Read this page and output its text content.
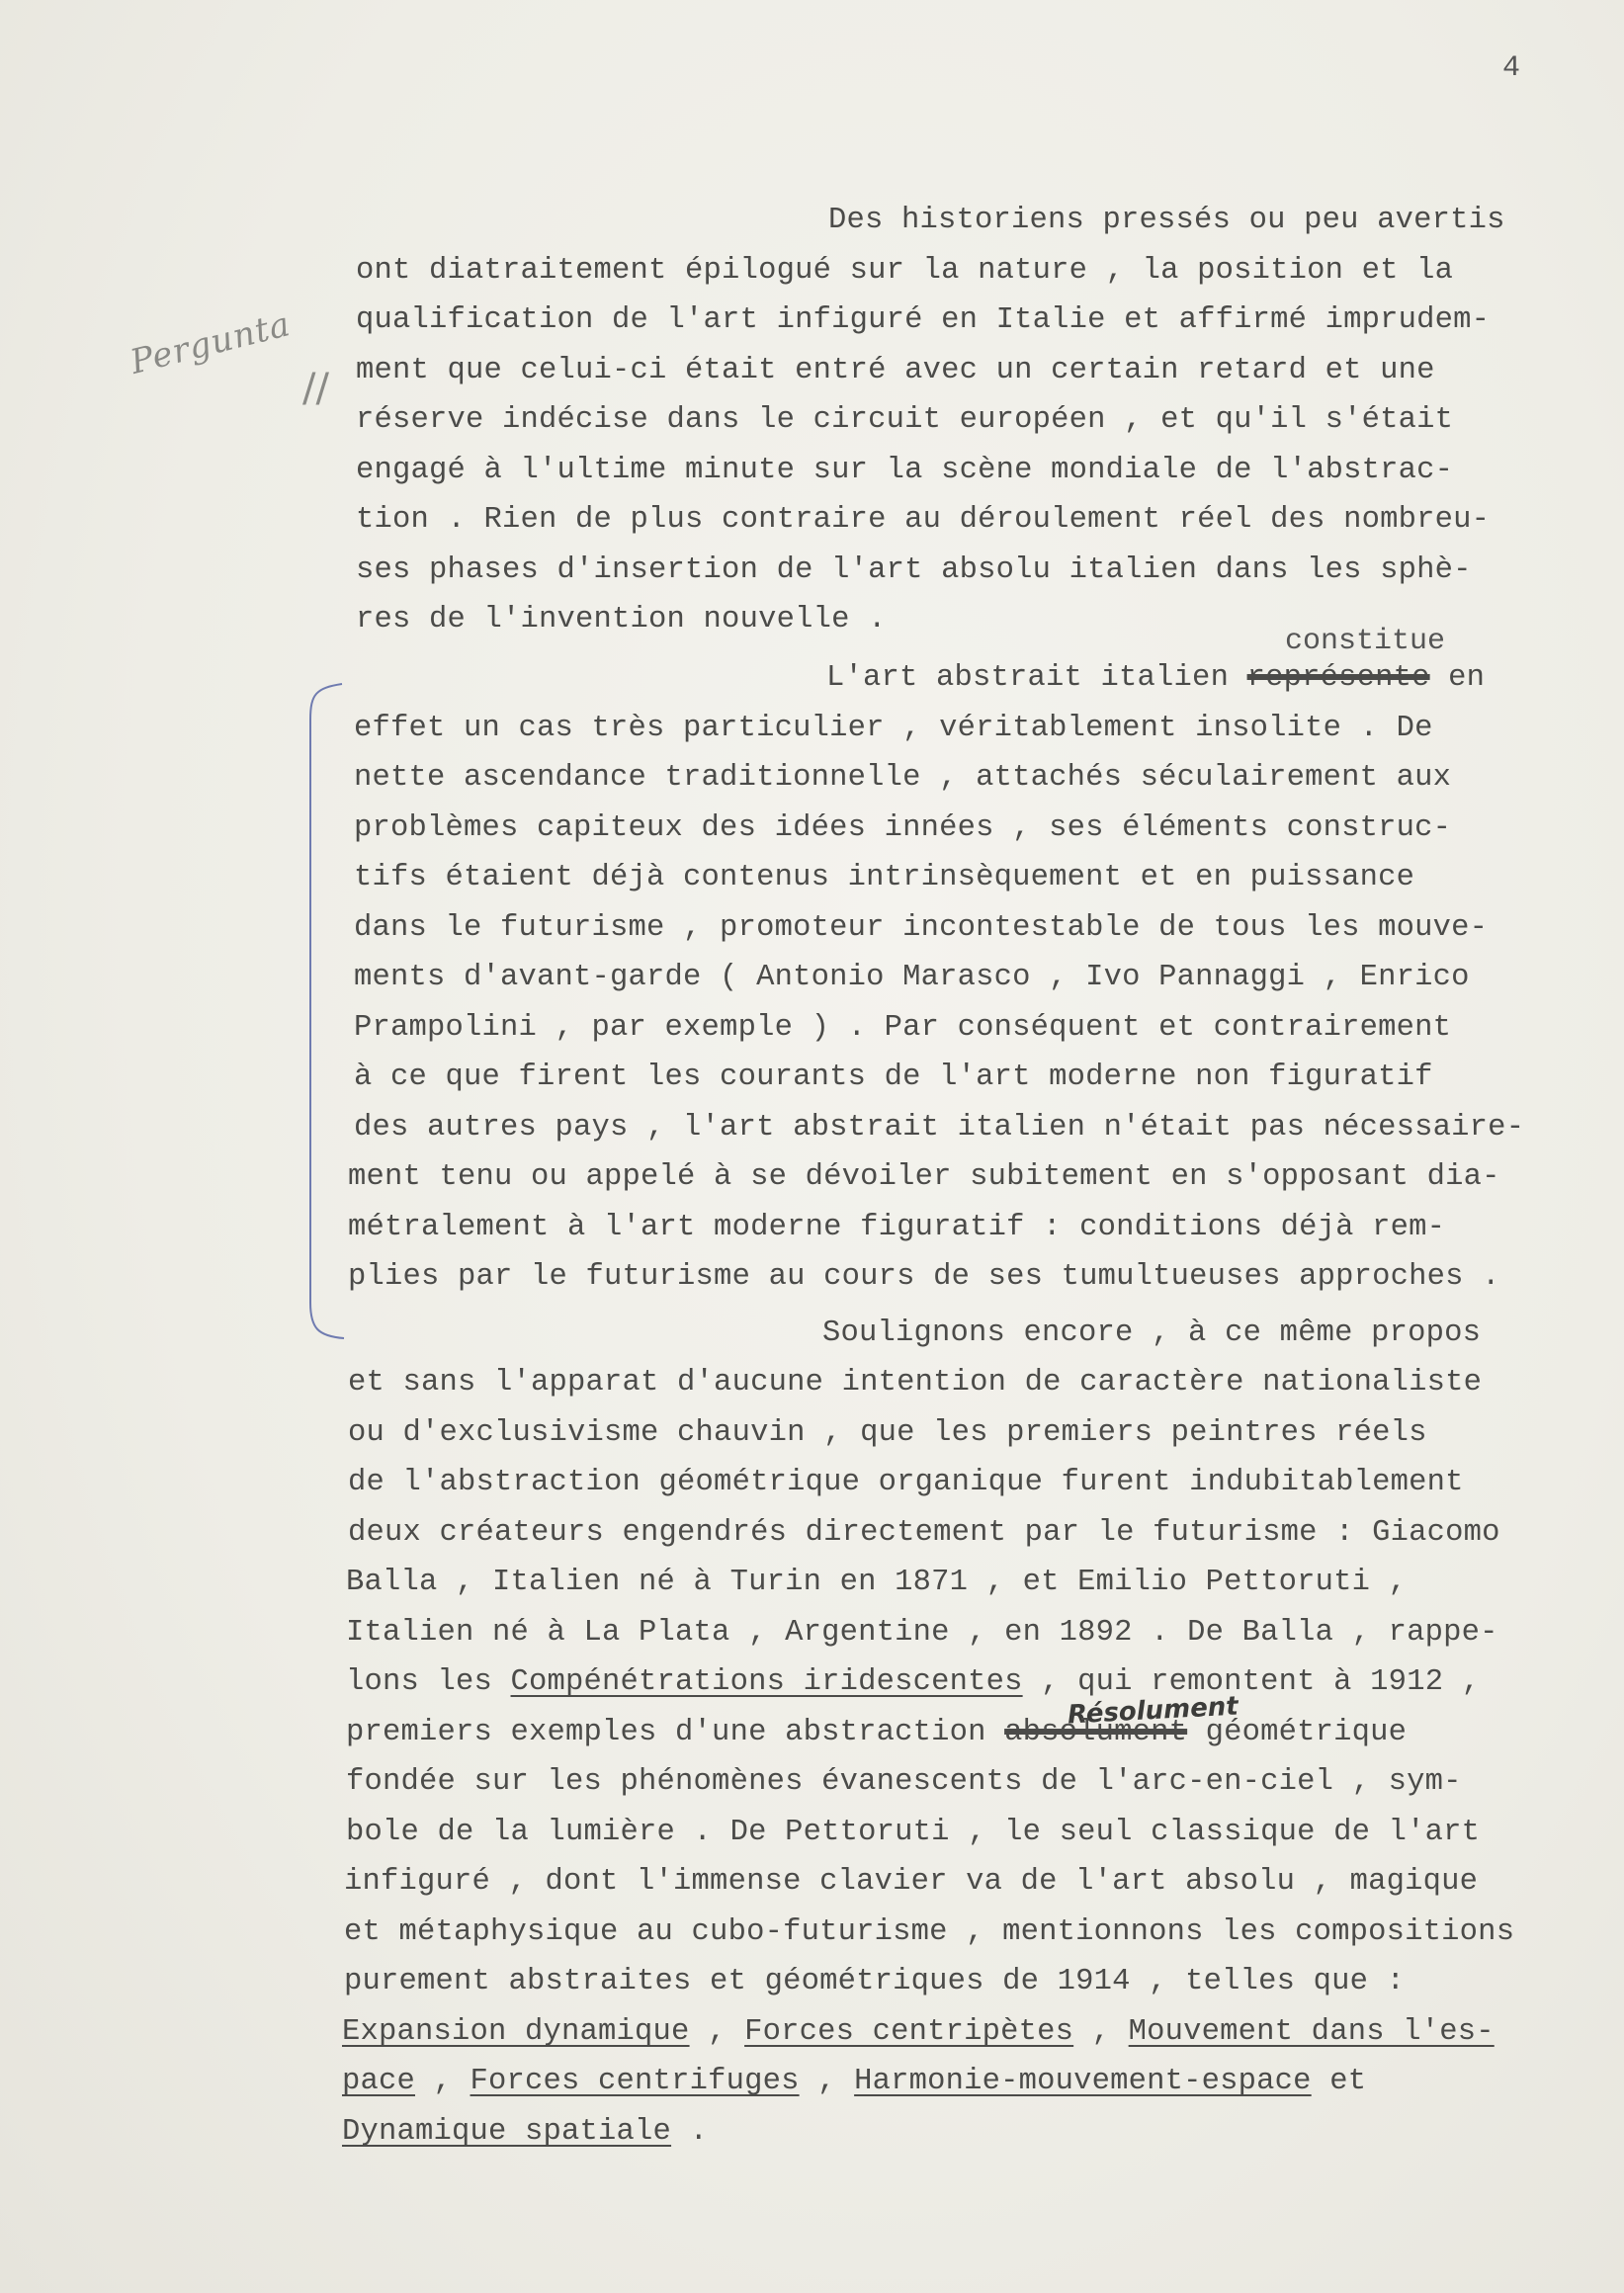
4
Pergunta
//
Des historiens pressés ou peu avertis
ont diatraitement épilogué sur la nature , la position et la
qualification de l'art infiguré en Italie et affirmé imprudem-
ment que celui-ci était entré avec un certain retard et une
réserve indécise dans le circuit européen , et qu'il s'était
engagé à l'ultime minute sur la scène mondiale de l'abstrac-
tion . Rien de plus contraire au déroulement réel des nombreu-
ses phases d'insertion de l'art absolu italien dans les sphè-
res de l'invention nouvelle .
constitue
L'art abstrait italien représente en
effet un cas très particulier , véritablement insolite . De
nette ascendance traditionnelle , attachés séculairement aux
problèmes capiteux des idées innées , ses éléments construc-
tifs étaient déjà contenus intrinsèquement et en puissance
dans le futurisme , promoteur incontestable de tous les mouve-
ments d'avant-garde ( Antonio Marasco , Ivo Pannaggi , Enrico
Prampolini , par exemple ) . Par conséquent et contrairement
à ce que firent les courants de l'art moderne non figuratif
des autres pays , l'art abstrait italien n'était pas nécessaire-
ment tenu ou appelé à se dévoiler subitement en s'opposant dia-
métralement à l'art moderne figuratif : conditions déjà rem-
plies par le futurisme au cours de ses tumultueuses approches .
Soulignons encore , à ce même propos
et sans l'apparat d'aucune intention de caractère nationaliste
ou d'exclusivisme chauvin , que les premiers peintres réels
de l'abstraction géométrique organique furent indubitablement
deux créateurs engendrés directement par le futurisme : Giacomo
Balla , Italien né à Turin en 1871 , et Emilio Pettoruti ,
Italien né à La Plata , Argentine , en 1892 . De Balla , rappe-
lons les Compénétrations iridescentes , qui remontent à 1912 ,
Résolument
premiers exemples d'une abstraction absolument géométrique
fondée sur les phénomènes évanescents de l'arc-en-ciel , sym-
bole de la lumière . De Pettoruti , le seul classique de l'art
infiguré , dont l'immense clavier va de l'art absolu , magique
et métaphysique au cubo-futurisme , mentionnons les compositions
purement abstraites et géométriques de 1914 , telles que :
Expansion dynamique , Forces centripètes , Mouvement dans l'es-
pace , Forces centrifuges , Harmonie-mouvement-espace et
Dynamique spatiale .
